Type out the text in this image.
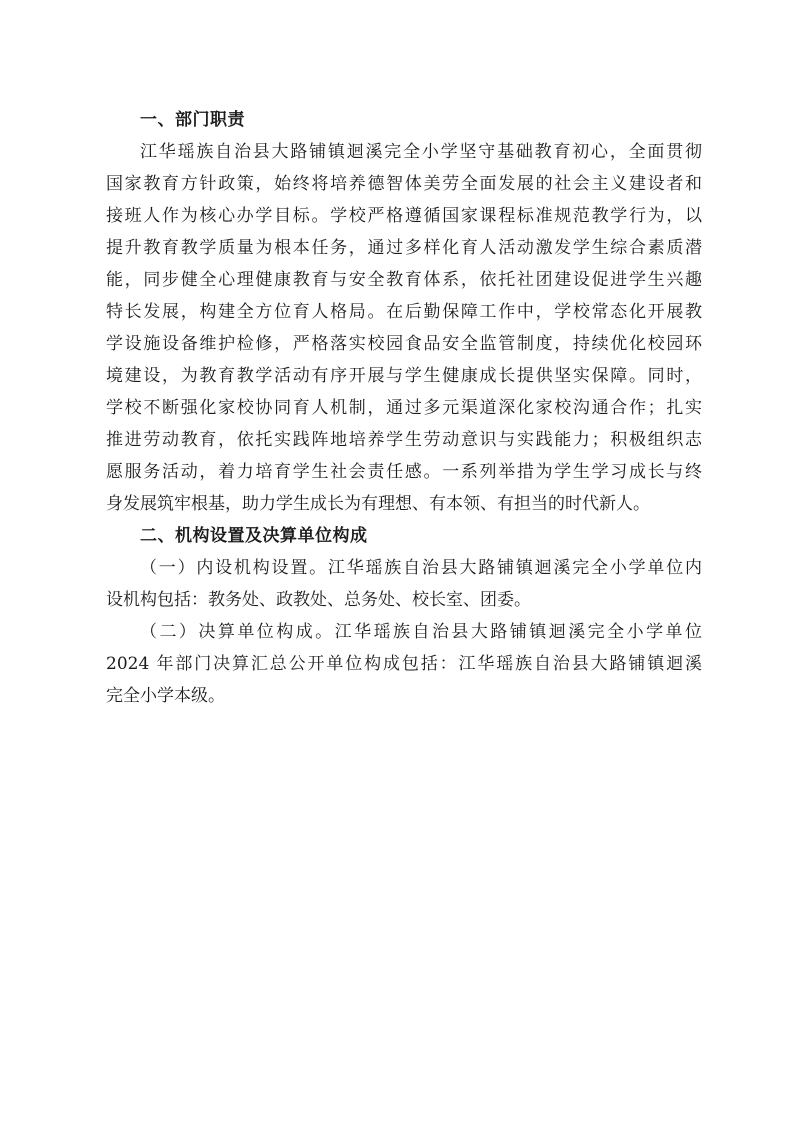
一、部门职责
江华瑶族自治县大路铺镇迴溪完全小学坚守基础教育初心，全面贯彻
国家教育方针政策，始终将培养德智体美劳全面发展的社会主义建设者和
接班人作为核心办学目标。学校严格遵循国家课程标准规范教学行为，以
提升教育教学质量为根本任务，通过多样化育人活动激发学生综合素质潜
能，同步健全心理健康教育与安全教育体系，依托社团建设促进学生兴趣
特长发展，构建全方位育人格局。在后勤保障工作中，学校常态化开展教
学设施设备维护检修，严格落实校园食品安全监管制度，持续优化校园环
境建设，为教育教学活动有序开展与学生健康成长提供坚实保障。同时，
学校不断强化家校协同育人机制，通过多元渠道深化家校沟通合作；扎实
推进劳动教育，依托实践阵地培养学生劳动意识与实践能力；积极组织志
愿服务活动，着力培育学生社会责任感。一系列举措为学生学习成长与终
身发展筑牢根基，助力学生成长为有理想、有本领、有担当的时代新人。
二、机构设置及决算单位构成
（一）内设机构设置。江华瑶族自治县大路铺镇迴溪完全小学单位内
设机构包括：教务处、政教处、总务处、校长室、团委。
（二）决算单位构成。江华瑶族自治县大路铺镇迴溪完全小学单位
2024 年部门决算汇总公开单位构成包括：江华瑶族自治县大路铺镇迴溪
完全小学本级。
